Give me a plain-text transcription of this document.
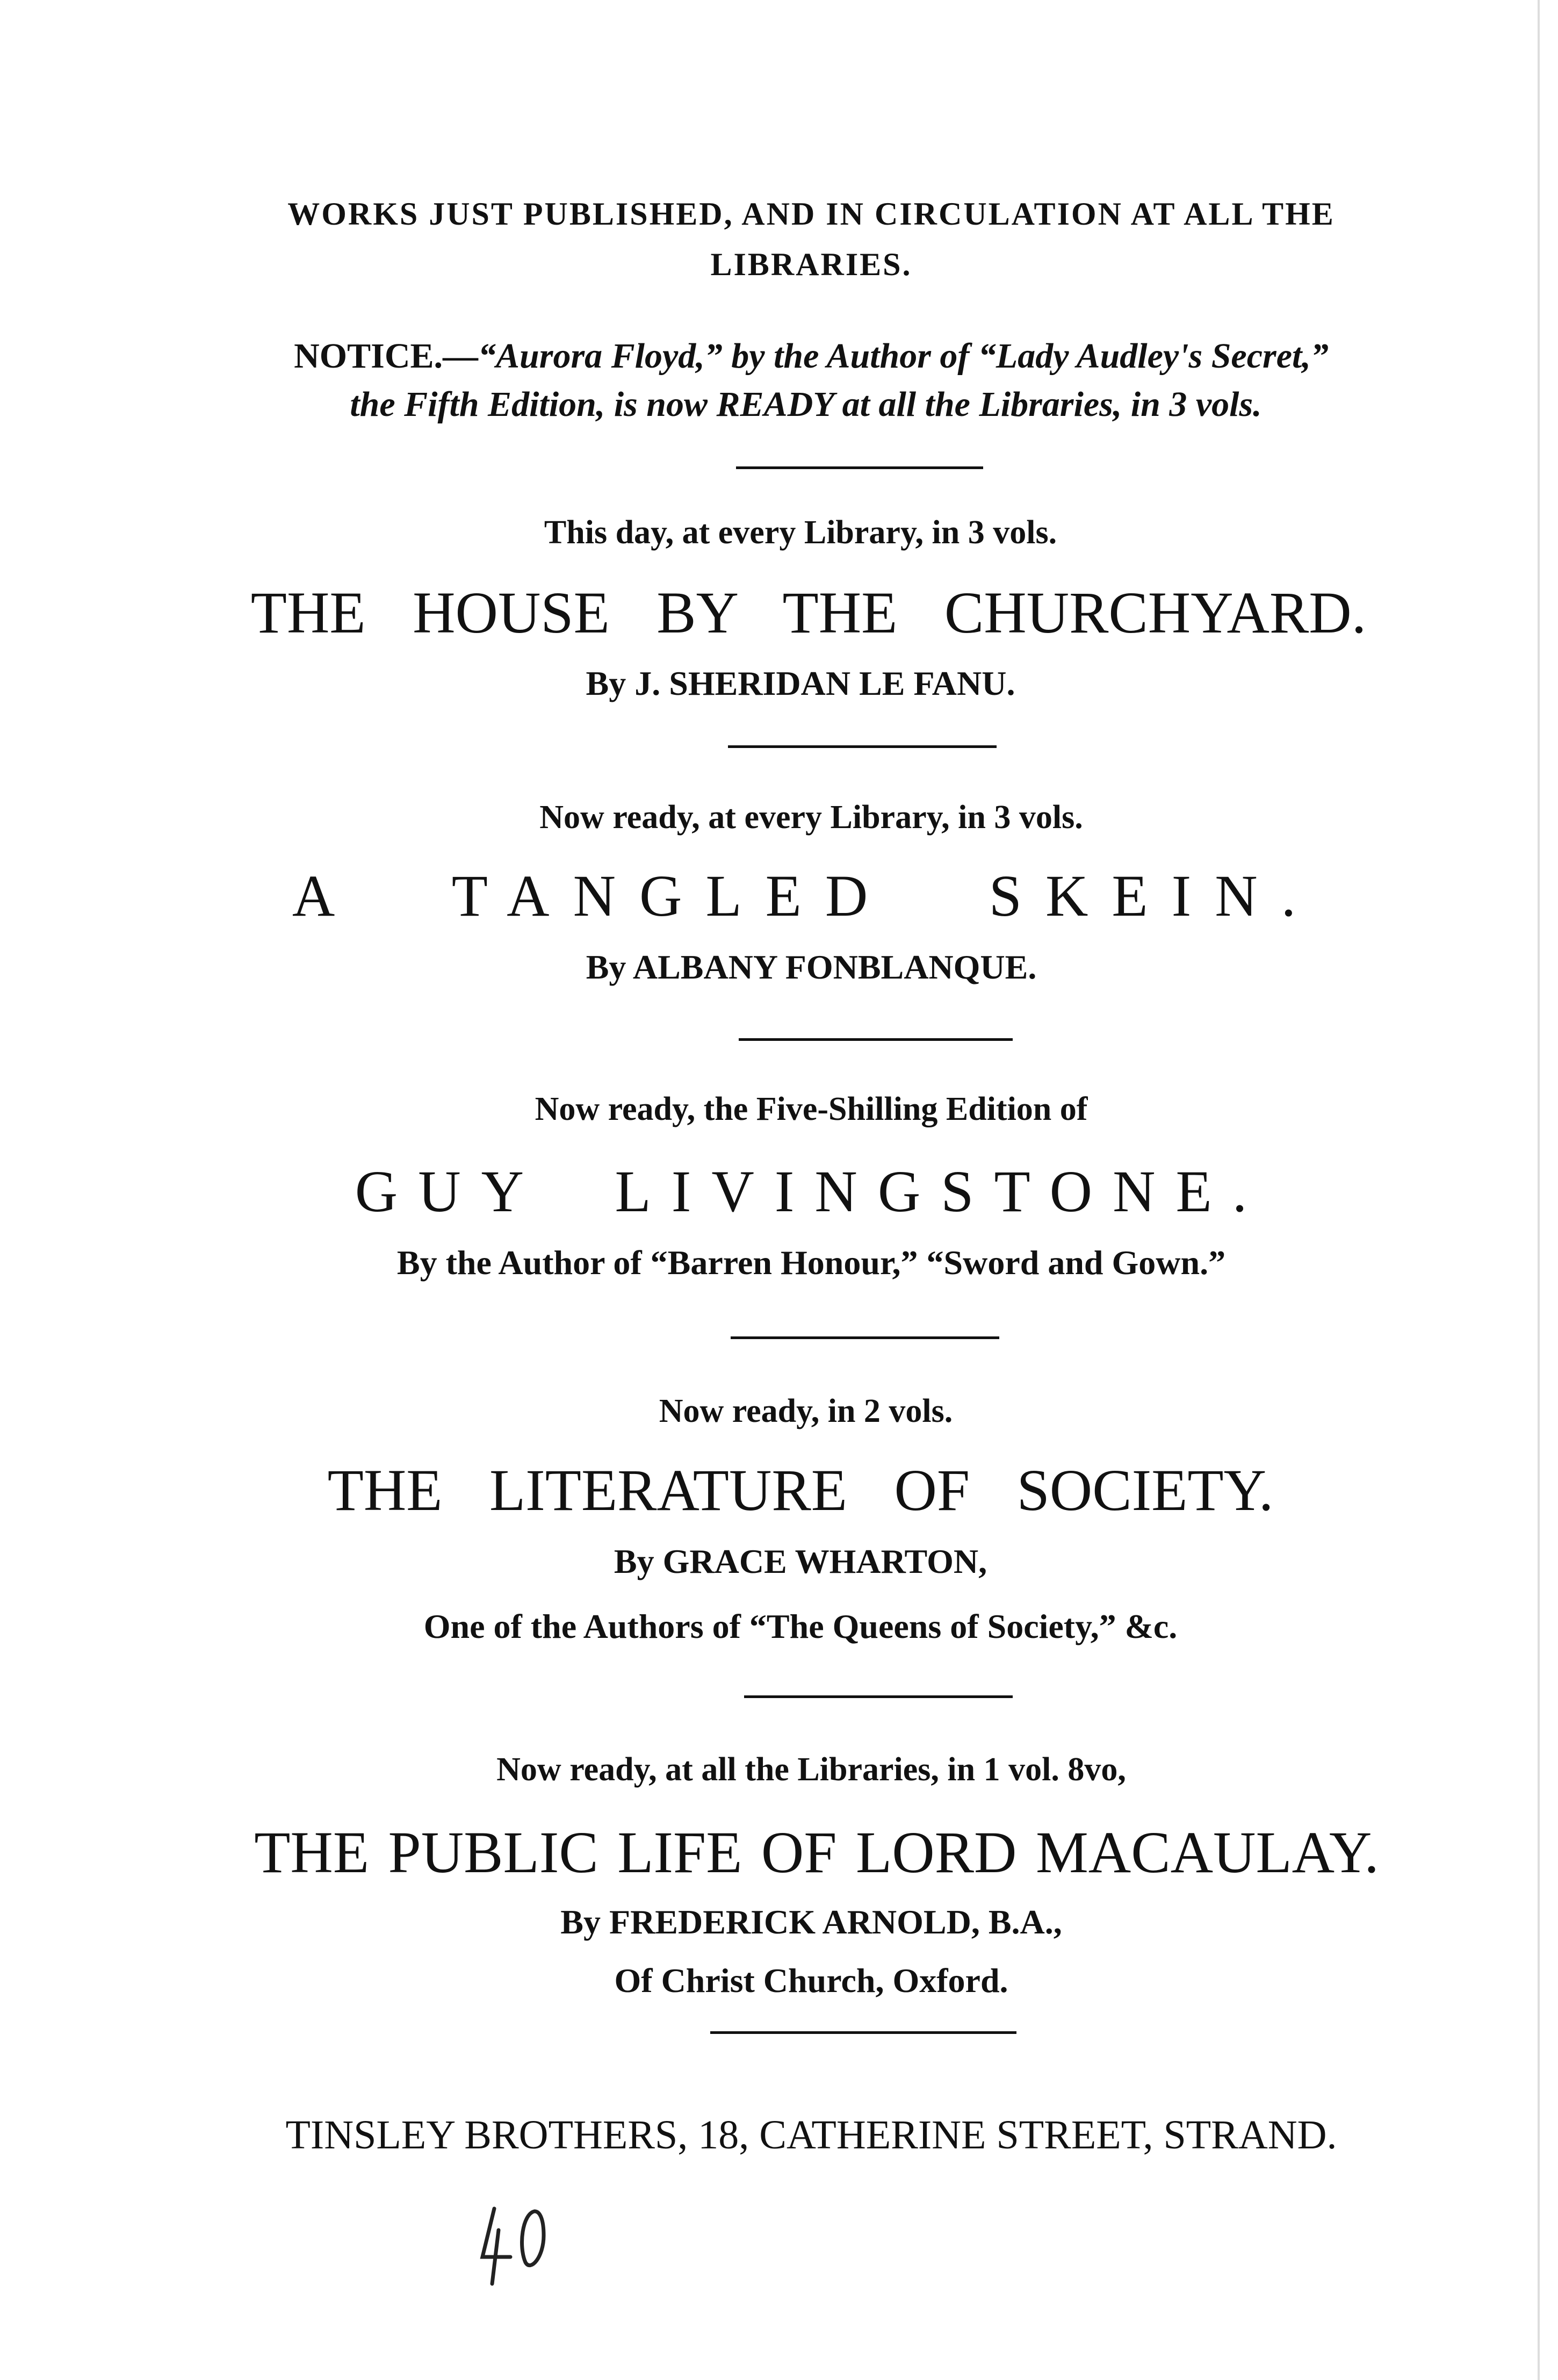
WORKS JUST PUBLISHED, AND IN CIRCULATION AT ALL THE
LIBRARIES.
NOTICE.—“Aurora Floyd,” by the Author of “Lady Audley's Secret,”
the Fifth Edition, is now READY at all the Libraries, in 3 vols.
This day, at every Library, in 3 vols.
THE HOUSE BY THE CHURCHYARD.
By J. SHERIDAN LE FANU.
Now ready, at every Library, in 3 vols.
A TANGLED SKEIN.
By ALBANY FONBLANQUE.
Now ready, the Five-Shilling Edition of
GUY LIVINGSTONE.
By the Author of “Barren Honour,” “Sword and Gown.”
Now ready, in 2 vols.
THE LITERATURE OF SOCIETY.
By GRACE WHARTON,
One of the Authors of “The Queens of Society,” &c.
Now ready, at all the Libraries, in 1 vol. 8vo,
THE PUBLIC LIFE OF LORD MACAULAY.
By FREDERICK ARNOLD, B.A.,
Of Christ Church, Oxford.
TINSLEY BROTHERS, 18, CATHERINE STREET, STRAND.
